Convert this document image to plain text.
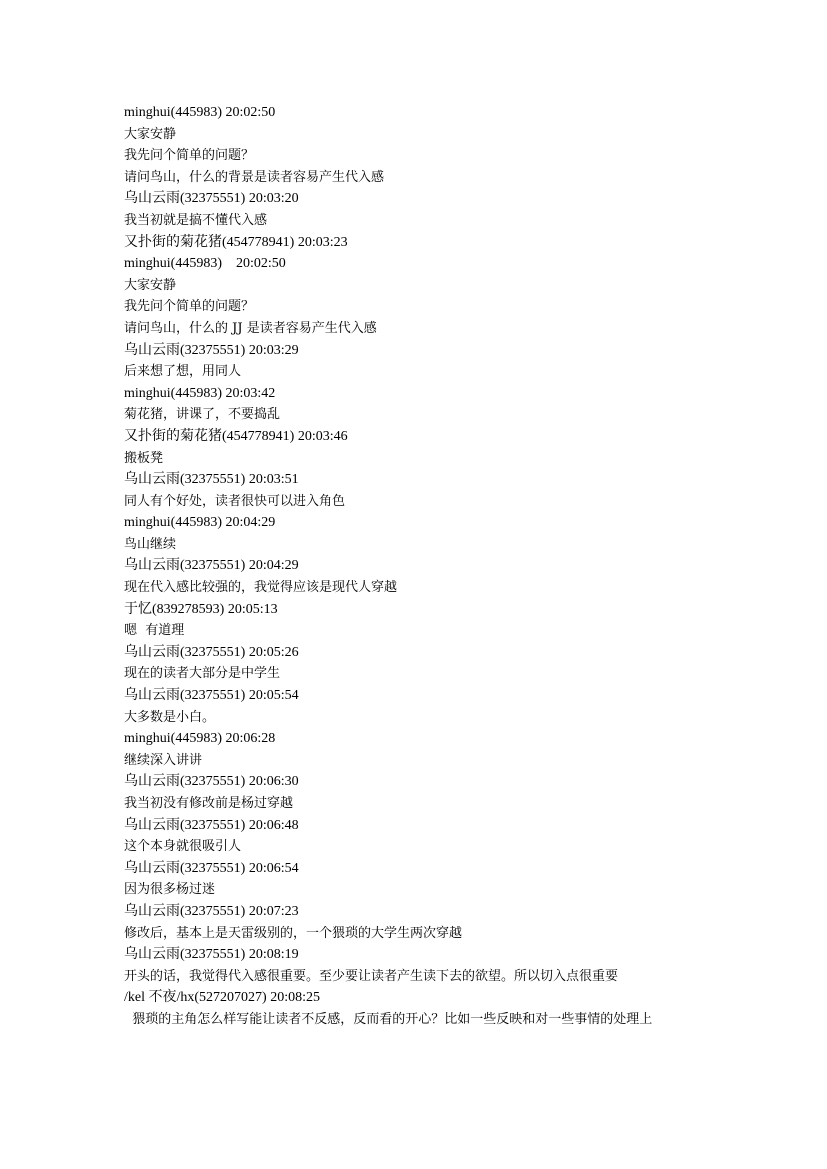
minghui(445983) 20:02:50
大家安静
我先问个简单的问题？
请问鸟山，什么的背景是读者容易产生代入感
乌山云雨(32375551) 20:03:20
我当初就是搞不懂代入感
又扑街的菊花猪(454778941) 20:03:23
minghui(445983)    20:02:50
大家安静
我先问个简单的问题？
请问鸟山，什么的 JJ 是读者容易产生代入感
乌山云雨(32375551) 20:03:29
后来想了想，用同人
minghui(445983) 20:03:42
菊花猪，讲课了，不要捣乱
又扑街的菊花猪(454778941) 20:03:46
搬板凳
乌山云雨(32375551) 20:03:51
同人有个好处，读者很快可以进入角色
minghui(445983) 20:04:29
鸟山继续
乌山云雨(32375551) 20:04:29
现在代入感比较强的，我觉得应该是现代人穿越
于忆(839278593) 20:05:13
嗯  有道理
乌山云雨(32375551) 20:05:26
现在的读者大部分是中学生
乌山云雨(32375551) 20:05:54
大多数是小白。
minghui(445983) 20:06:28
继续深入讲讲
乌山云雨(32375551) 20:06:30
我当初没有修改前是杨过穿越
乌山云雨(32375551) 20:06:48
这个本身就很吸引人
乌山云雨(32375551) 20:06:54
因为很多杨过迷
乌山云雨(32375551) 20:07:23
修改后，基本上是天雷级别的，一个猥琐的大学生两次穿越
乌山云雨(32375551) 20:08:19
开头的话，我觉得代入感很重要。至少要让读者产生读下去的欲望。所以切入点很重要
/kel 不夜/hx(527207027) 20:08:25
猥琐的主角怎么样写能让读者不反感，反而看的开心？比如一些反映和对一些事情的处理上
